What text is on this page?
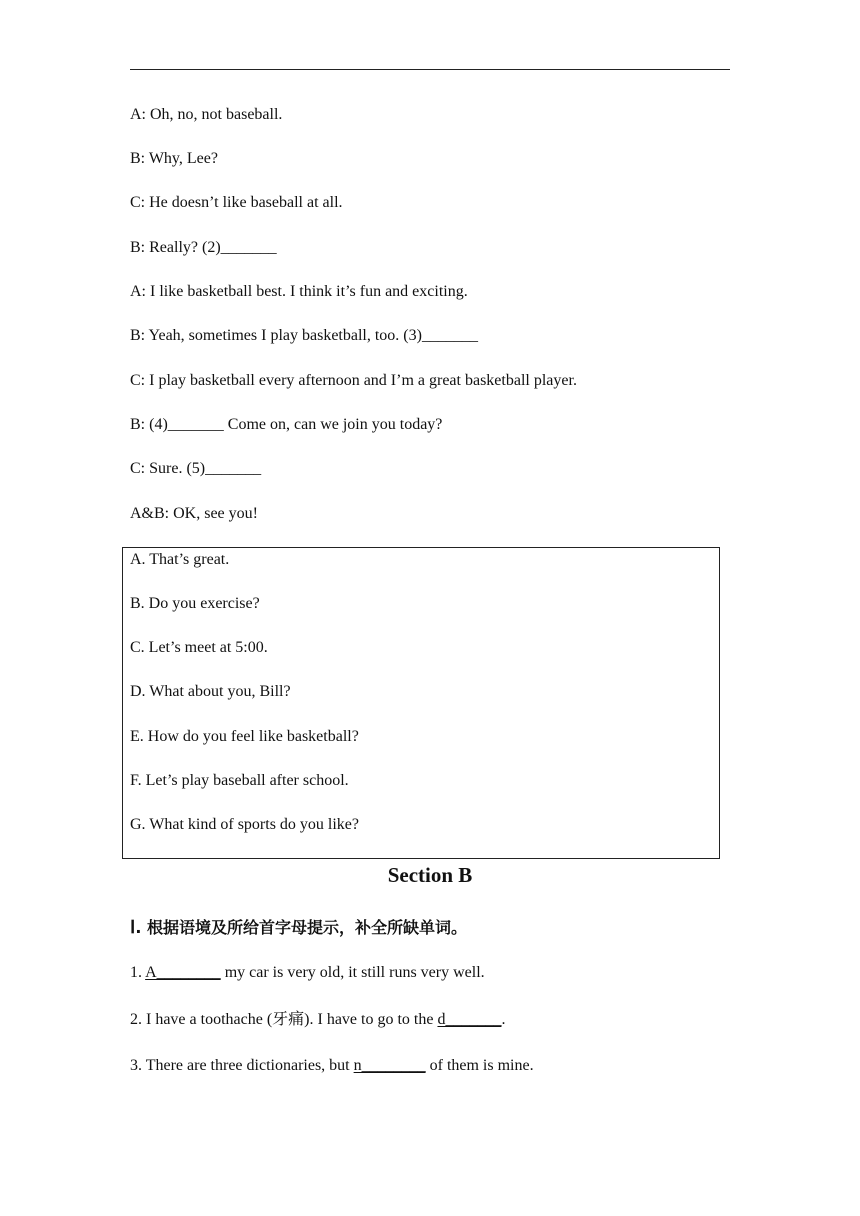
A: Oh, no, not baseball.
B: Why, Lee?
C: He doesn’t like baseball at all.
B: Really? (2)_______
A: I like basketball best. I think it’s fun and exciting.
B: Yeah, sometimes I play basketball, too. (3)_______
C: I play basketball every afternoon and I’m a great basketball player.
B: (4)_______ Come on, can we join you today?
C: Sure. (5)_______
A&B: OK, see you!
A. That’s great.
B. Do you exercise?
C. Let’s meet at 5:00.
D. What about you, Bill?
E. How do you feel like basketball?
F. Let’s play baseball after school.
G. What kind of sports do you like?
Section B
Ⅰ. 根据语境及所给首字母提示，补全所缺单词。
1. A________ my car is very old, it still runs very well.
2. I have a toothache (牙痛). I have to go to the d_______.
3. There are three dictionaries, but n________ of them is mine.
